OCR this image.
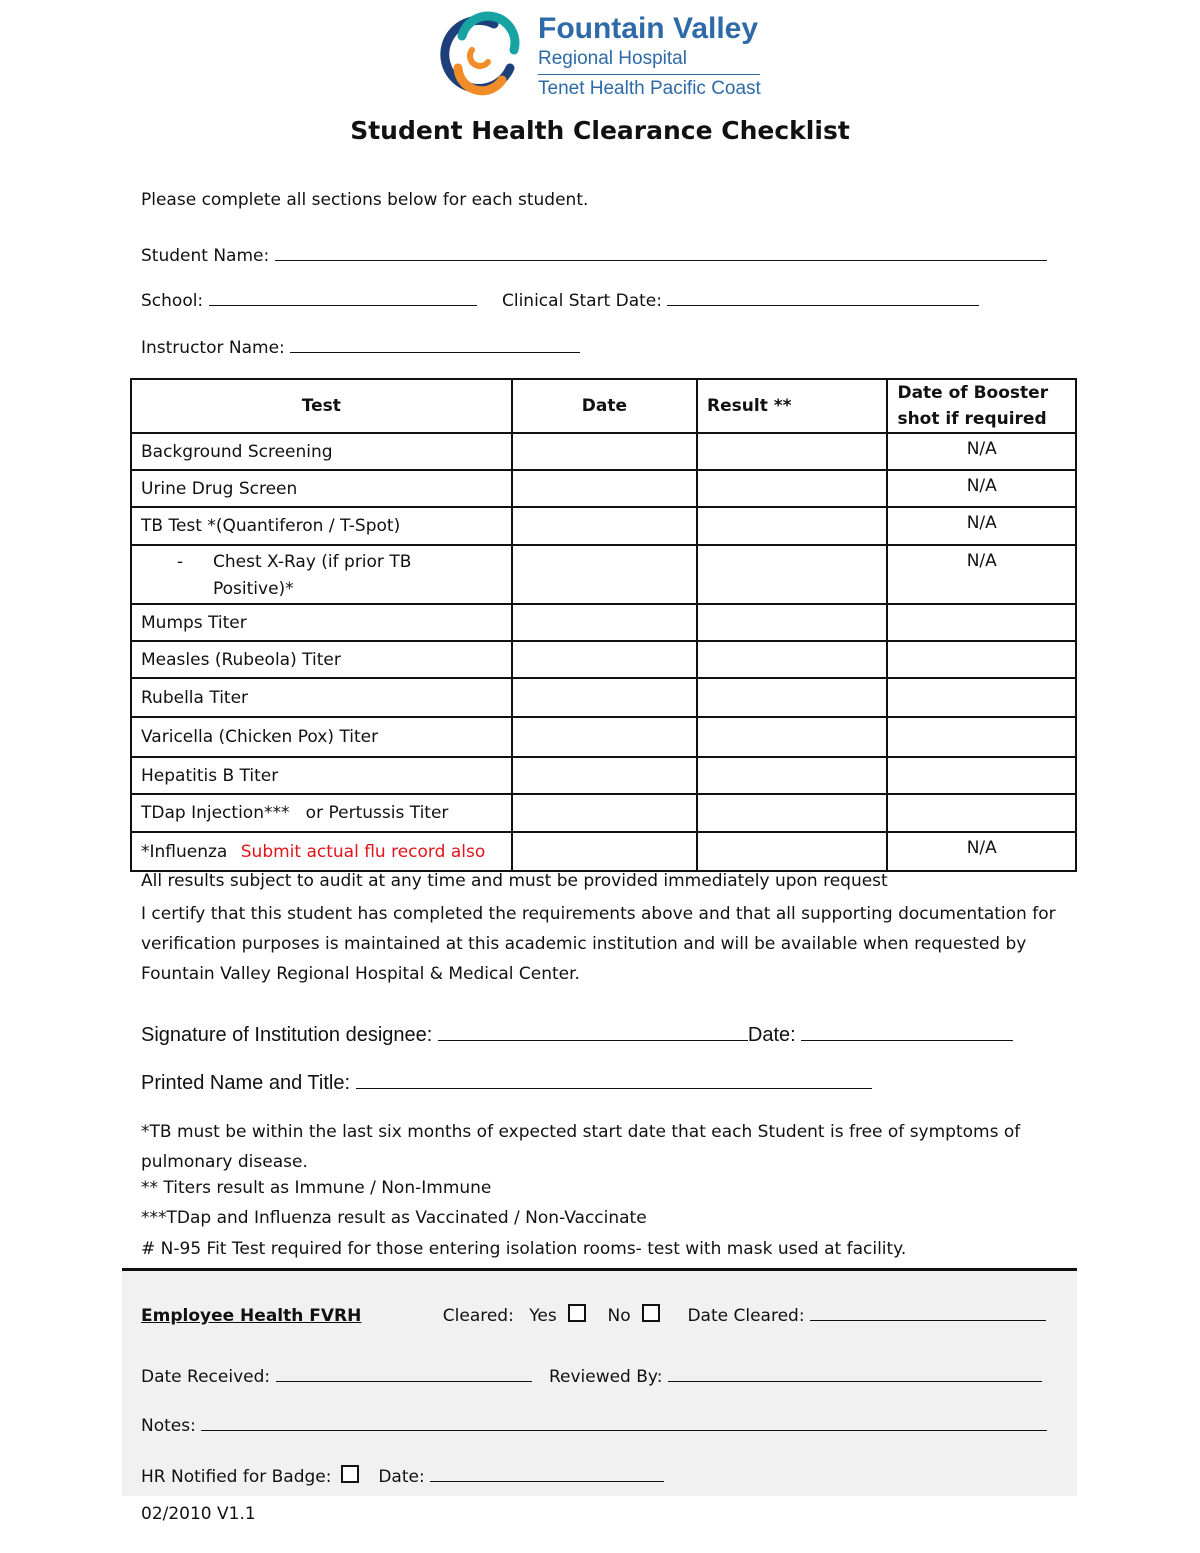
Fountain Valley
Regional Hospital
Tenet Health Pacific Coast
Student Health Clearance Checklist
Please complete all sections below for each student.
Student Name:
School:	Clinical Start Date:
Instructor Name:
Test	Date	Result **	Date of Booster shot if required
Background Screening			N/A
Urine Drug Screen			N/A
TB Test *(Quantiferon / T-Spot)			N/A

- Chest X-Ray (if prior TB Positive)*			N/A
Mumps Titer			
Measles (Rubeola) Titer			
Rubella Titer			
Varicella (Chicken Pox) Titer			
Hepatitis B Titer			
TDap Injection***   or Pertussis Titer			
*Influenza Submit actual flu record also			N/A
All results subject to audit at any time and must be provided immediately upon request
I certify that this student has completed the requirements above and that all supporting documentation for verification purposes is maintained at this academic institution and will be available when requested by Fountain Valley Regional Hospital & Medical Center.
Signature of Institution designee:	Date:
Printed Name and Title:
*TB must be within the last six months of expected start date that each Student is free of symptoms of pulmonary disease.
** Titers result as Immune / Non-Immune
***TDap and Influenza result as Vaccinated / Non-Vaccinate
# N-95 Fit Test required for those entering isolation rooms- test with mask used at facility.
Employee Health FVRH	Cleared: Yes	No	Date Cleared:
Date Received:	Reviewed By:
Notes:
HR Notified for Badge:	Date:
02/2010 V1.1
